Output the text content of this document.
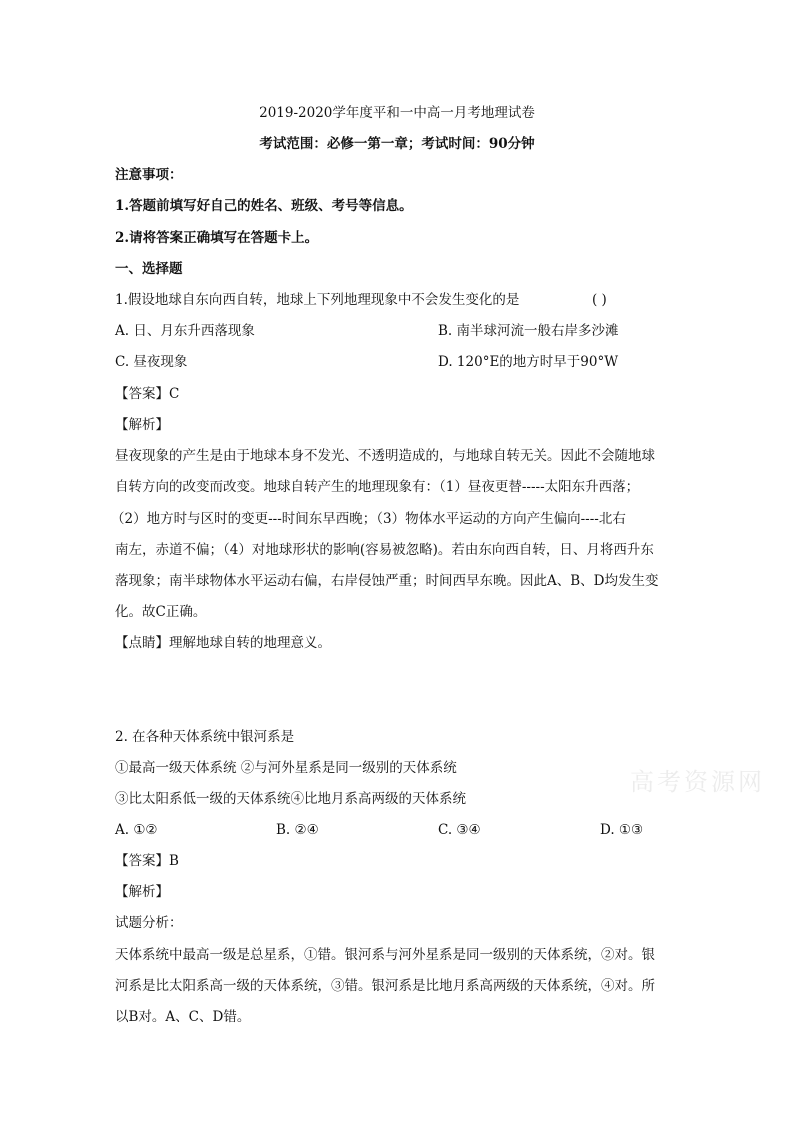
2019-2020学年度平和一中高一月考地理试卷
考试范围：必修一第一章；考试时间：90分钟
注意事项：
1.答题前填写好自己的姓名、班级、考号等信息。
2.请将答案正确填写在答题卡上。
一、选择题
1.假设地球自东向西自转，地球上下列地理现象中不会发生变化的是	( )
A. 日、月东升西落现象	B. 南半球河流一般右岸多沙滩
C. 昼夜现象	D. 120°E的地方时早于90°W
【答案】C
【解析】
昼夜现象的产生是由于地球本身不发光、不透明造成的，与地球自转无关。因此不会随地球
自转方向的改变而改变。地球自转产生的地理现象有：（1）昼夜更替-----太阳东升西落；
（2）地方时与区时的变更---时间东早西晚；（3）物体水平运动的方向产生偏向----北右
南左，赤道不偏；（4）对地球形状的影响(容易被忽略)。若由东向西自转，日、月将西升东
落现象；南半球物体水平运动右偏，右岸侵蚀严重；时间西早东晚。因此A、B、D均发生变
化。故C正确。
【点睛】理解地球自转的地理意义。
2. 在各种天体系统中银河系是
①最高一级天体系统 ②与河外星系是同一级别的天体系统
③比太阳系低一级的天体系统④比地月系高两级的天体系统
A. ①②	B. ②④	C. ③④	D. ①③
【答案】B
【解析】
试题分析：
天体系统中最高一级是总星系，①错。银河系与河外星系是同一级别的天体系统，②对。银
河系是比太阳系高一级的天体系统，③错。银河系是比地月系高两级的天体系统，④对。所
以B对。A、C、D错。
高考资源网
